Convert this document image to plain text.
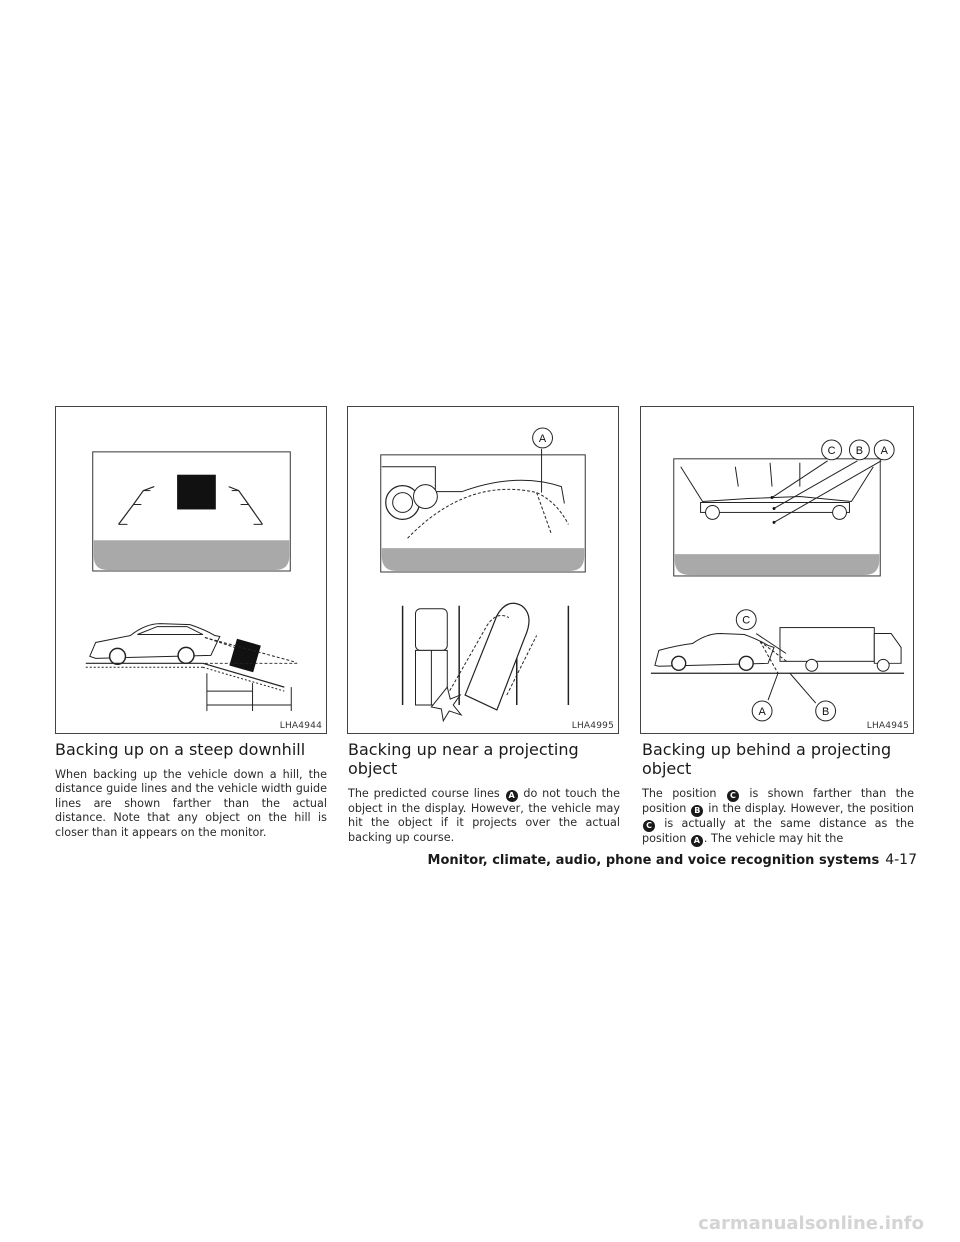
LHA4944
A
LHA4995
C B A
C
A	B
LHA4945
Backing up on a steep downhill

When backing up the vehicle down a hill, the distance guide lines and the vehicle width guide lines are shown farther than the actual distance. Note that any object on the hill is closer than it appears on the monitor.

Backing up near a projecting object

The predicted course lines A do not touch the object in the display. However, the vehicle may hit the object if it projects over the actual backing up course.

Backing up behind a projecting object

The position C is shown farther than the position B in the display. However, the position C is actually at the same distance as the position A . The vehicle may hit the

Monitor, climate, audio, phone and voice recognition systems 4-17
carmanualsonline.info
